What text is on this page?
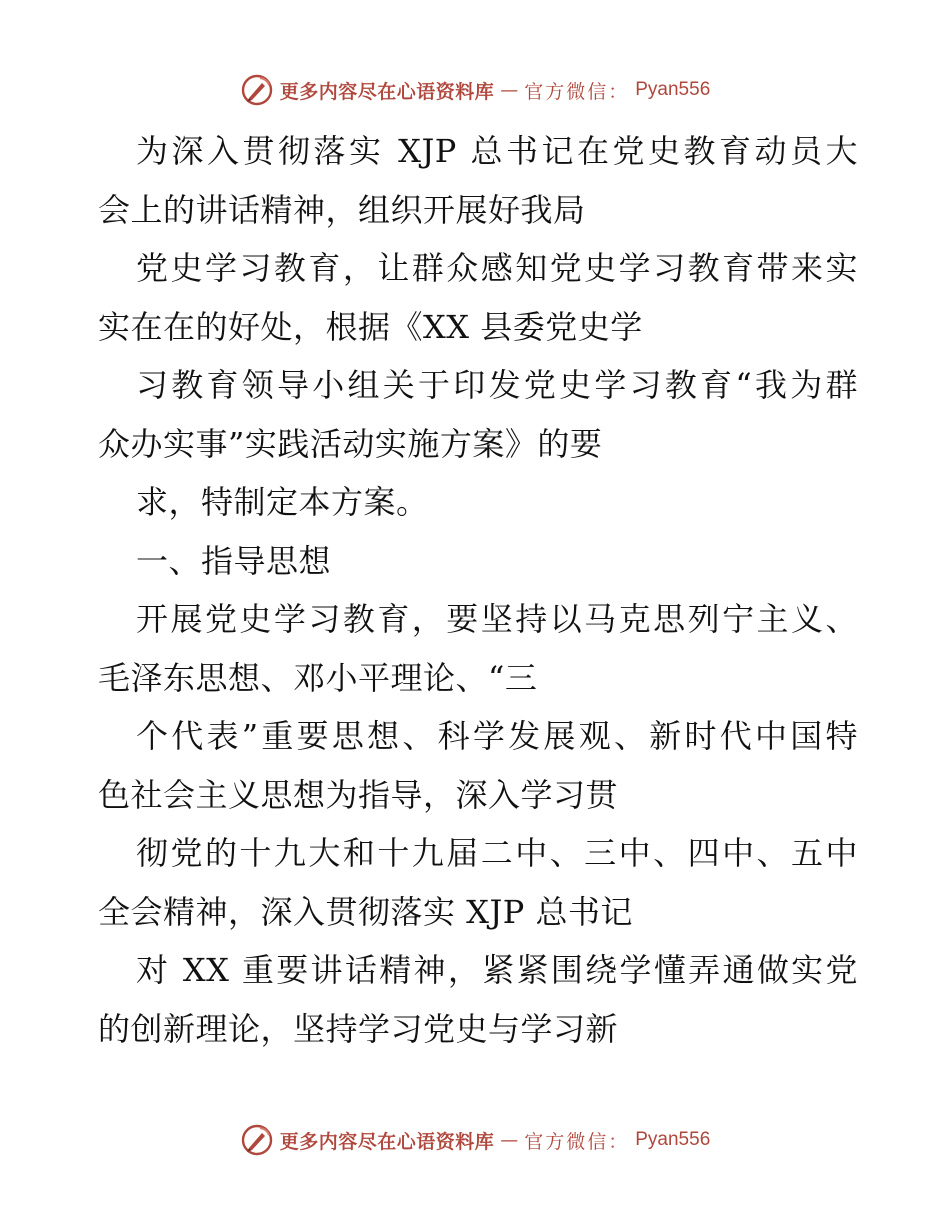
更多内容尽在心语资料库 — 官方微信： Pyan556
为深入贯彻落实 XJP 总书记在党史教育动员大
会上的讲话精神，组织开展好我局
党史学习教育，让群众感知党史学习教育带来实
实在在的好处，根据《XX 县委党史学
习教育领导小组关于印发党史学习教育“我为群
众办实事”实践活动实施方案》的要
求，特制定本方案。
一、指导思想
开展党史学习教育，要坚持以马克思列宁主义、
毛泽东思想、邓小平理论、“三
个代表”重要思想、科学发展观、新时代中国特
色社会主义思想为指导，深入学习贯
彻党的十九大和十九届二中、三中、四中、五中
全会精神，深入贯彻落实 XJP 总书记
对 XX 重要讲话精神，紧紧围绕学懂弄通做实党
的创新理论，坚持学习党史与学习新
更多内容尽在心语资料库 — 官方微信： Pyan556
